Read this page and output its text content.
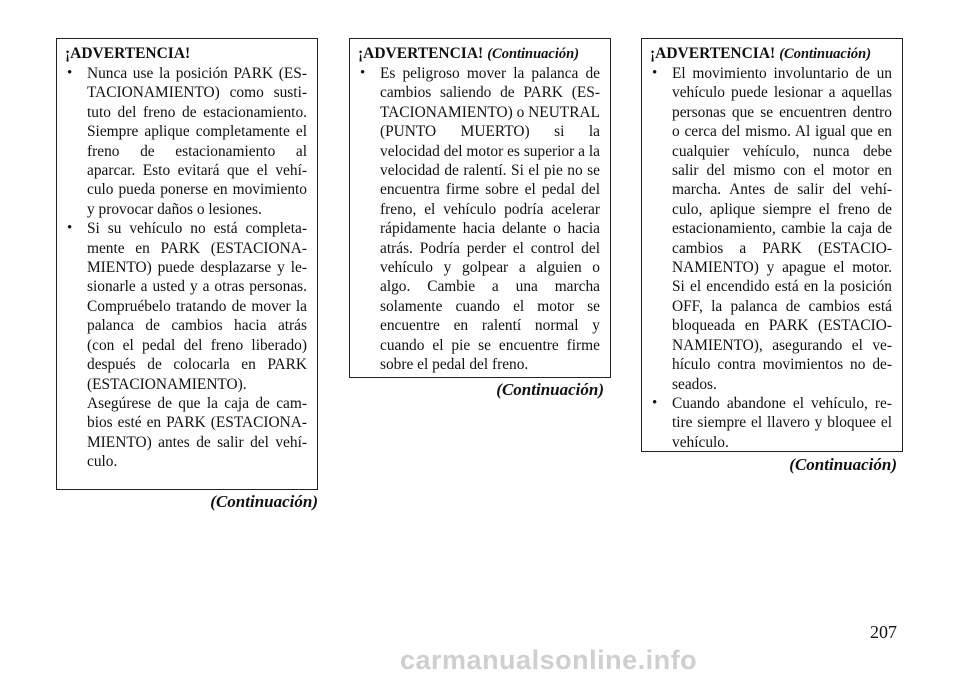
¡ADVERTENCIA!
• Nunca use la posición PARK (ESTACIONAMIENTO) como sustituto del freno de estacionamiento. Siempre aplique completamente el freno de estacionamiento al aparcar. Esto evitará que el vehículo pueda ponerse en movimiento y provocar daños o lesiones.
• Si su vehículo no está completamente en PARK (ESTACIONAMIENTO) puede desplazarse y lesionarle a usted y a otras personas. Compruébelo tratando de mover la palanca de cambios hacia atrás (con el pedal del freno liberado) después de colocarla en PARK (ESTACIONAMIENTO). Asegúrese de que la caja de cambios esté en PARK (ESTACIONAMIENTO) antes de salir del vehículo.
(Continuación)
¡ADVERTENCIA! (Continuación)
• Es peligroso mover la palanca de cambios saliendo de PARK (ESTACIONAMIENTO) o NEUTRAL (PUNTO MUERTO) si la velocidad del motor es superior a la velocidad de ralentí. Si el pie no se encuentra firme sobre el pedal del freno, el vehículo podría acelerar rápidamente hacia delante o hacia atrás. Podría perder el control del vehículo y golpear a alguien o algo. Cambie a una marcha solamente cuando el motor se encuentre en ralentí normal y cuando el pie se encuentre firme sobre el pedal del freno.
(Continuación)
¡ADVERTENCIA! (Continuación)
• El movimiento involuntario de un vehículo puede lesionar a aquellas personas que se encuentren dentro o cerca del mismo. Al igual que en cualquier vehículo, nunca debe salir del mismo con el motor en marcha. Antes de salir del vehículo, aplique siempre el freno de estacionamiento, cambie la caja de cambios a PARK (ESTACIONAMIENTO) y apague el motor. Si el encendido está en la posición OFF, la palanca de cambios está bloqueada en PARK (ESTACIONAMIENTO), asegurando el vehículo contra movimientos no deseados.
• Cuando abandone el vehículo, retire siempre el llavero y bloquee el vehículo.
(Continuación)
207
carmanualsonline.info
